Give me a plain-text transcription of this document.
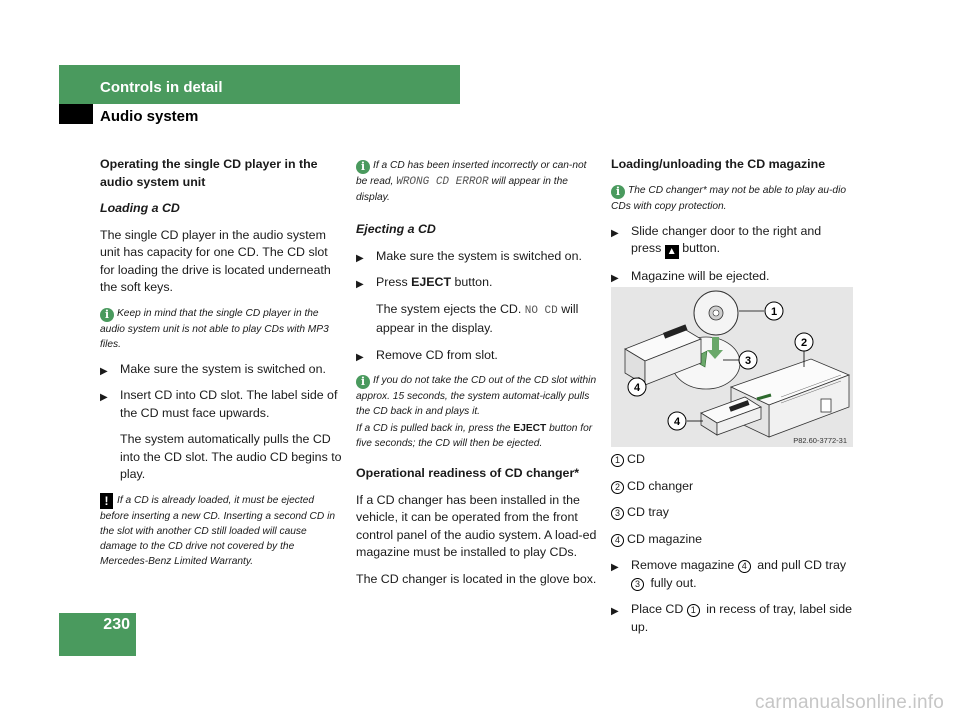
Controls in detail
Audio system

Operating the single CD player in the audio system unit

Loading a CD

The single CD player in the audio system unit has capacity for one CD. The CD slot for loading the drive is located underneath the soft keys.

i Keep in mind that the single CD player in the audio system unit is not able to play CDs with MP3 files.

▶ Make sure the system is switched on.

▶ Insert CD into CD slot. The label side of the CD must face upwards.

The system automatically pulls the CD into the CD slot. The audio CD begins to play.

! If a CD is already loaded, it must be ejected before inserting a new CD. Inserting a second CD in the slot with another CD still loaded will cause damage to the CD drive not covered by the Mercedes-Benz Limited Warranty.

i If a CD has been inserted incorrectly or can-not be read, WRONG CD ERROR will appear in the display.

Ejecting a CD

▶ Make sure the system is switched on.

▶ Press EJECT button.

The system ejects the CD. NO CD will appear in the display.

▶ Remove CD from slot.

i If you do not take the CD out of the CD slot within approx. 15 seconds, the system automat-ically pulls the CD back in and plays it.

If a CD is pulled back in, press the EJECT button for five seconds; the CD will then be ejected.

Operational readiness of CD changer*

If a CD changer has been installed in the vehicle, it can be operated from the front control panel of the audio system. A load-ed magazine must be installed to play CDs.

The CD changer is located in the glove box.

Loading/unloading the CD magazine

i The CD changer* may not be able to play au-dio CDs with copy protection.

▶ Slide changer door to the right and press ▲ button.

▶ Magazine will be ejected.

1
2
3
4
4
P82.60-3772-31

1 CD

2 CD changer

3 CD tray

4 CD magazine

▶ Remove magazine 4 and pull CD tray 3 fully out.

▶ Place CD 1 in recess of tray, label side up.

230
carmanualsonline.info
